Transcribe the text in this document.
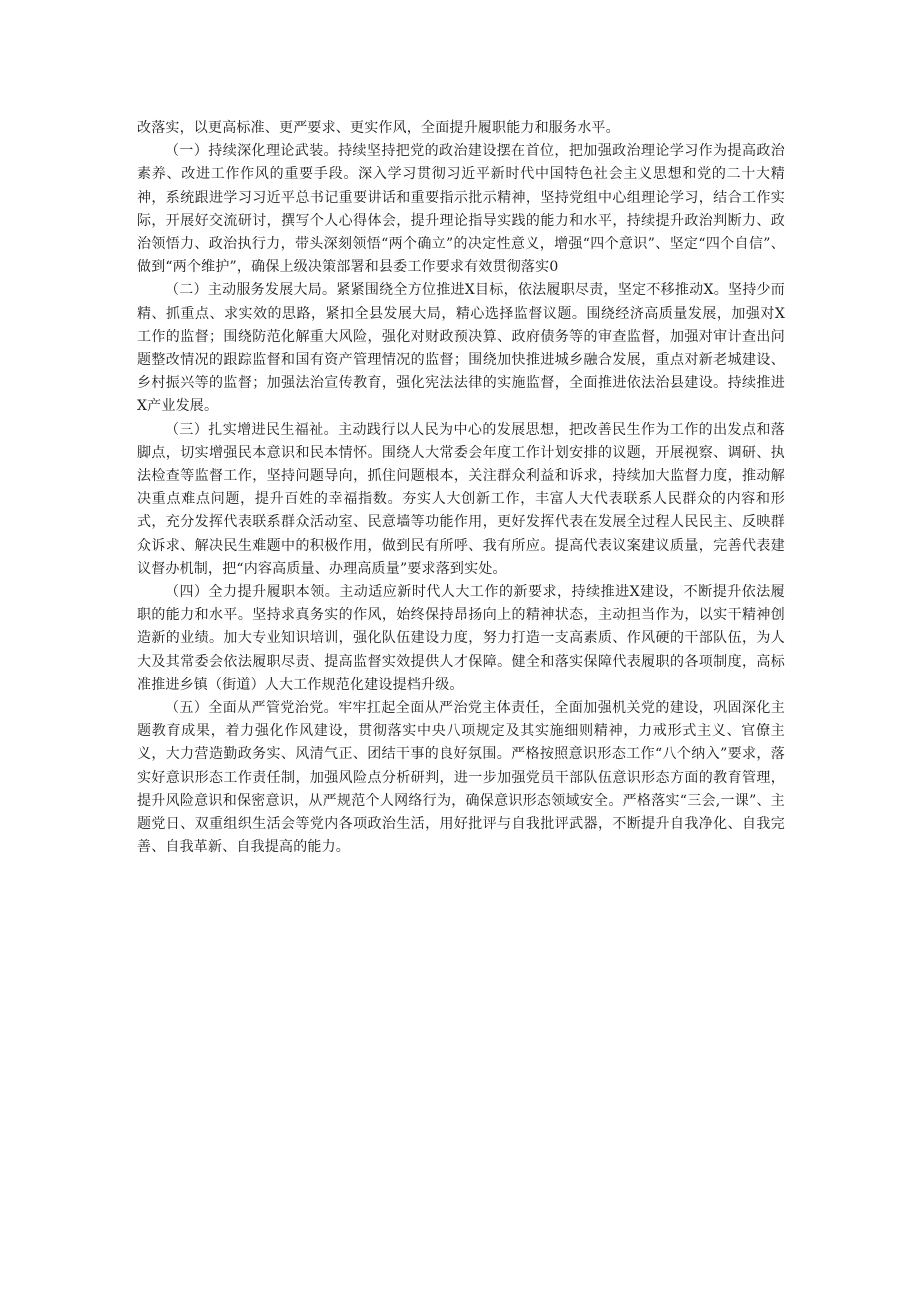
改落实，以更高标准、更严要求、更实作风，全面提升履职能力和服务水平。

（一）持续深化理论武装。持续坚持把党的政治建设摆在首位，把加强政治理论学习作为提高政治素养、改进工作作风的重要手段。深入学习贯彻习近平新时代中国特色社会主义思想和党的二十大精神，系统跟进学习习近平总书记重要讲话和重要指示批示精神，坚持党组中心组理论学习，结合工作实际，开展好交流研讨，撰写个人心得体会，提升理论指导实践的能力和水平，持续提升政治判断力、政治领悟力、政治执行力，带头深刻领悟“两个确立”的决定性意义，增强“四个意识”、坚定“四个自信”、做到“两个维护”，确保上级决策部署和县委工作要求有效贯彻落实0

（二）主动服务发展大局。紧紧围绕全方位推进X目标，依法履职尽责，坚定不移推动X。坚持少而精、抓重点、求实效的思路，紧扣全县发展大局，精心选择监督议题。围绕经济高质量发展，加强对X工作的监督；围绕防范化解重大风险，强化对财政预决算、政府债务等的审查监督，加强对审计查出问题整改情况的跟踪监督和国有资产管理情况的监督；围绕加快推进城乡融合发展，重点对新老城建设、乡村振兴等的监督；加强法治宣传教育，强化宪法法律的实施监督，全面推进依法治县建设。持续推进X产业发展。

（三）扎实增进民生福祉。主动践行以人民为中心的发展思想，把改善民生作为工作的出发点和落脚点，切实增强民本意识和民本情怀。围绕人大常委会年度工作计划安排的议题，开展视察、调研、执法检查等监督工作，坚持问题导向，抓住问题根本，关注群众利益和诉求，持续加大监督力度，推动解决重点难点问题，提升百姓的幸福指数。夯实人大创新工作，丰富人大代表联系人民群众的内容和形式，充分发挥代表联系群众活动室、民意墙等功能作用，更好发挥代表在发展全过程人民民主、反映群众诉求、解决民生难题中的积极作用，做到民有所呼、我有所应。提高代表议案建议质量，完善代表建议督办机制，把“内容高质量、办理高质量”要求落到实处。

（四）全力提升履职本领。主动适应新时代人大工作的新要求，持续推进X建设，不断提升依法履职的能力和水平。坚持求真务实的作风，始终保持昂扬向上的精神状态，主动担当作为，以实干精神创造新的业绩。加大专业知识培训，强化队伍建设力度，努力打造一支高素质、作风硬的干部队伍，为人大及其常委会依法履职尽责、提高监督实效提供人才保障。健全和落实保障代表履职的各项制度，高标准推进乡镇（街道）人大工作规范化建设提档升级。

（五）全面从严管党治党。牢牢扛起全面从严治党主体责任，全面加强机关党的建设，巩固深化主题教育成果，着力强化作风建设，贯彻落实中央八项规定及其实施细则精神，力戒形式主义、官僚主义，大力营造勤政务实、风清气正、团结干事的良好氛围。严格按照意识形态工作“八个纳入”要求，落实好意识形态工作责任制，加强风险点分析研判，进一步加强党员干部队伍意识形态方面的教育管理，提升风险意识和保密意识，从严规范个人网络行为，确保意识形态领域安全。严格落实“三会,一课”、主题党日、双重组织生活会等党内各项政治生活，用好批评与自我批评武器，不断提升自我净化、自我完善、自我革新、自我提高的能力。
